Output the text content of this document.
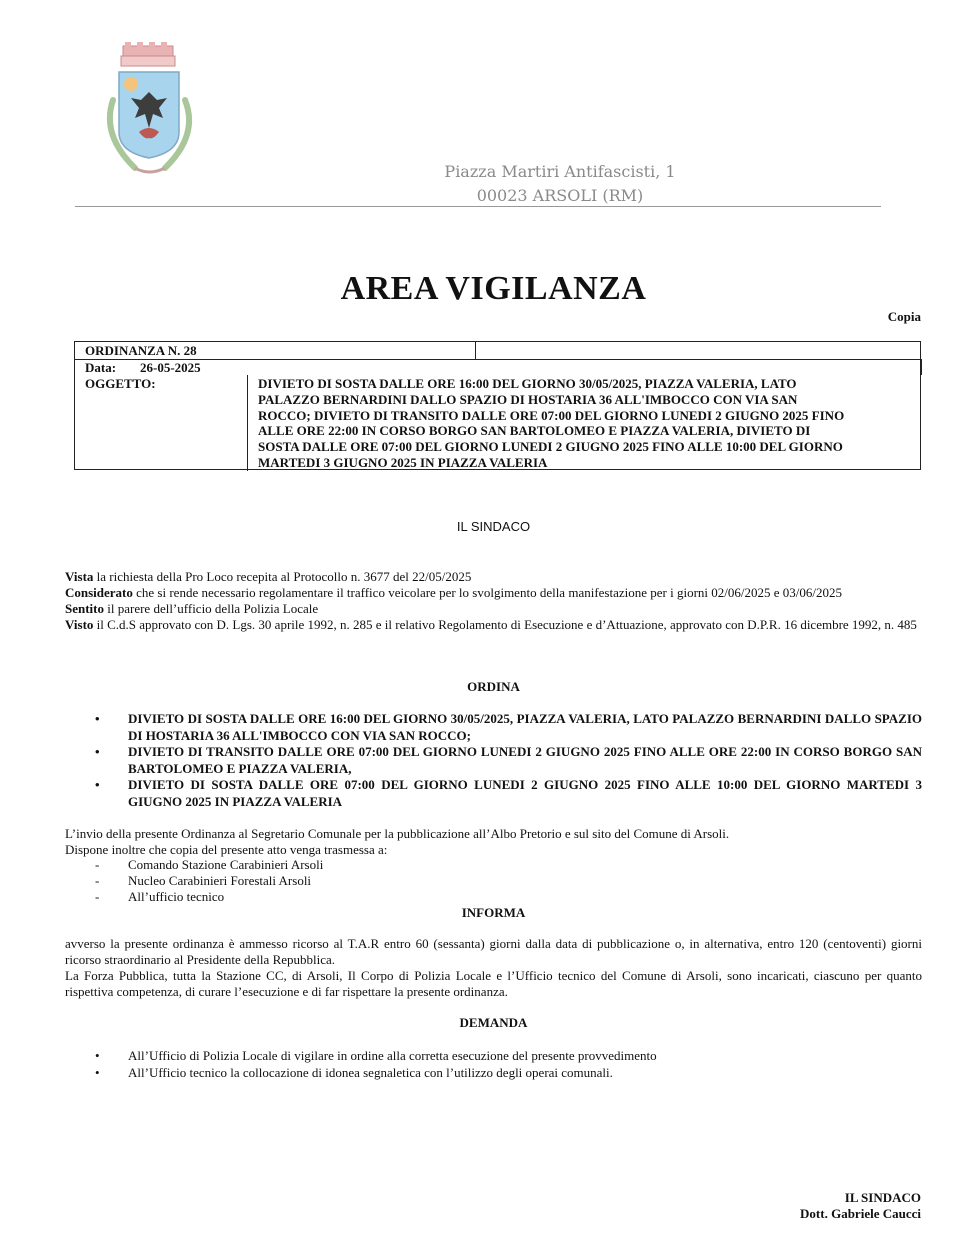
Piazza Martiri Antifascisti, 1
00023 ARSOLI (RM)
AREA VIGILANZA
Copia
ORDINANZA N. 28
Data: 26-05-2025
OGGETTO:	DIVIETO DI SOSTA DALLE ORE 16:00 DEL GIORNO 30/05/2025, PIAZZA VALERIA, LATO
PALAZZO BERNARDINI DALLO SPAZIO DI HOSTARIA 36 ALL'IMBOCCO CON VIA SAN
ROCCO; DIVIETO DI TRANSITO DALLE ORE 07:00 DEL GIORNO LUNEDI 2 GIUGNO 2025 FINO
ALLE ORE 22:00 IN CORSO BORGO SAN BARTOLOMEO E PIAZZA VALERIA, DIVIETO DI
SOSTA DALLE ORE 07:00 DEL GIORNO LUNEDI 2 GIUGNO 2025 FINO ALLE 10:00 DEL GIORNO
MARTEDI 3 GIUGNO 2025 IN PIAZZA VALERIA
IL SINDACO

Vista la richiesta della Pro Loco recepita al Protocollo n. 3677 del 22/05/2025

Considerato che si rende necessario regolamentare il traffico veicolare per lo svolgimento della manifestazione per i giorni 02/06/2025 e 03/06/2025

Sentito il parere dell’ufficio della Polizia Locale

Visto il C.d.S approvato con D. Lgs. 30 aprile 1992, n. 285 e il relativo Regolamento di Esecuzione e d’Attuazione, approvato con D.P.R. 16 dicembre 1992, n. 485

ORDINA
• DIVIETO DI SOSTA DALLE ORE 16:00 DEL GIORNO 30/05/2025, PIAZZA VALERIA, LATO PALAZZO BERNARDINI DALLO SPAZIO DI HOSTARIA 36 ALL'IMBOCCO CON VIA SAN ROCCO;
• DIVIETO DI TRANSITO DALLE ORE 07:00 DEL GIORNO LUNEDI 2 GIUGNO 2025 FINO ALLE ORE 22:00 IN CORSO BORGO SAN BARTOLOMEO E PIAZZA VALERIA,
• DIVIETO DI SOSTA DALLE ORE 07:00 DEL GIORNO LUNEDI 2 GIUGNO 2025 FINO ALLE 10:00 DEL GIORNO MARTEDI 3 GIUGNO 2025 IN PIAZZA VALERIA

L’invio della presente Ordinanza al Segretario Comunale per la pubblicazione all’Albo Pretorio e sul sito del Comune di Arsoli.

Dispone inoltre che copia del presente atto venga trasmessa a:

- Comando Stazione Carabinieri Arsoli
- Nucleo Carabinieri Forestali Arsoli
- All’ufficio tecnico
INFORMA

avverso la presente ordinanza è ammesso ricorso al T.A.R entro 60 (sessanta) giorni dalla data di pubblicazione o, in alternativa, entro 120 (centoventi) giorni ricorso straordinario al Presidente della Repubblica.

La Forza Pubblica, tutta la Stazione CC, di Arsoli, Il Corpo di Polizia Locale e l’Ufficio tecnico del Comune di Arsoli, sono incaricati, ciascuno per quanto rispettiva competenza, di curare l’esecuzione e di far rispettare la presente ordinanza.

DEMANDA
• All’Ufficio di Polizia Locale di vigilare in ordine alla corretta esecuzione del presente provvedimento
• All’Ufficio tecnico la collocazione di idonea segnaletica con l’utilizzo degli operai comunali.
IL SINDACO
Dott. Gabriele Caucci
